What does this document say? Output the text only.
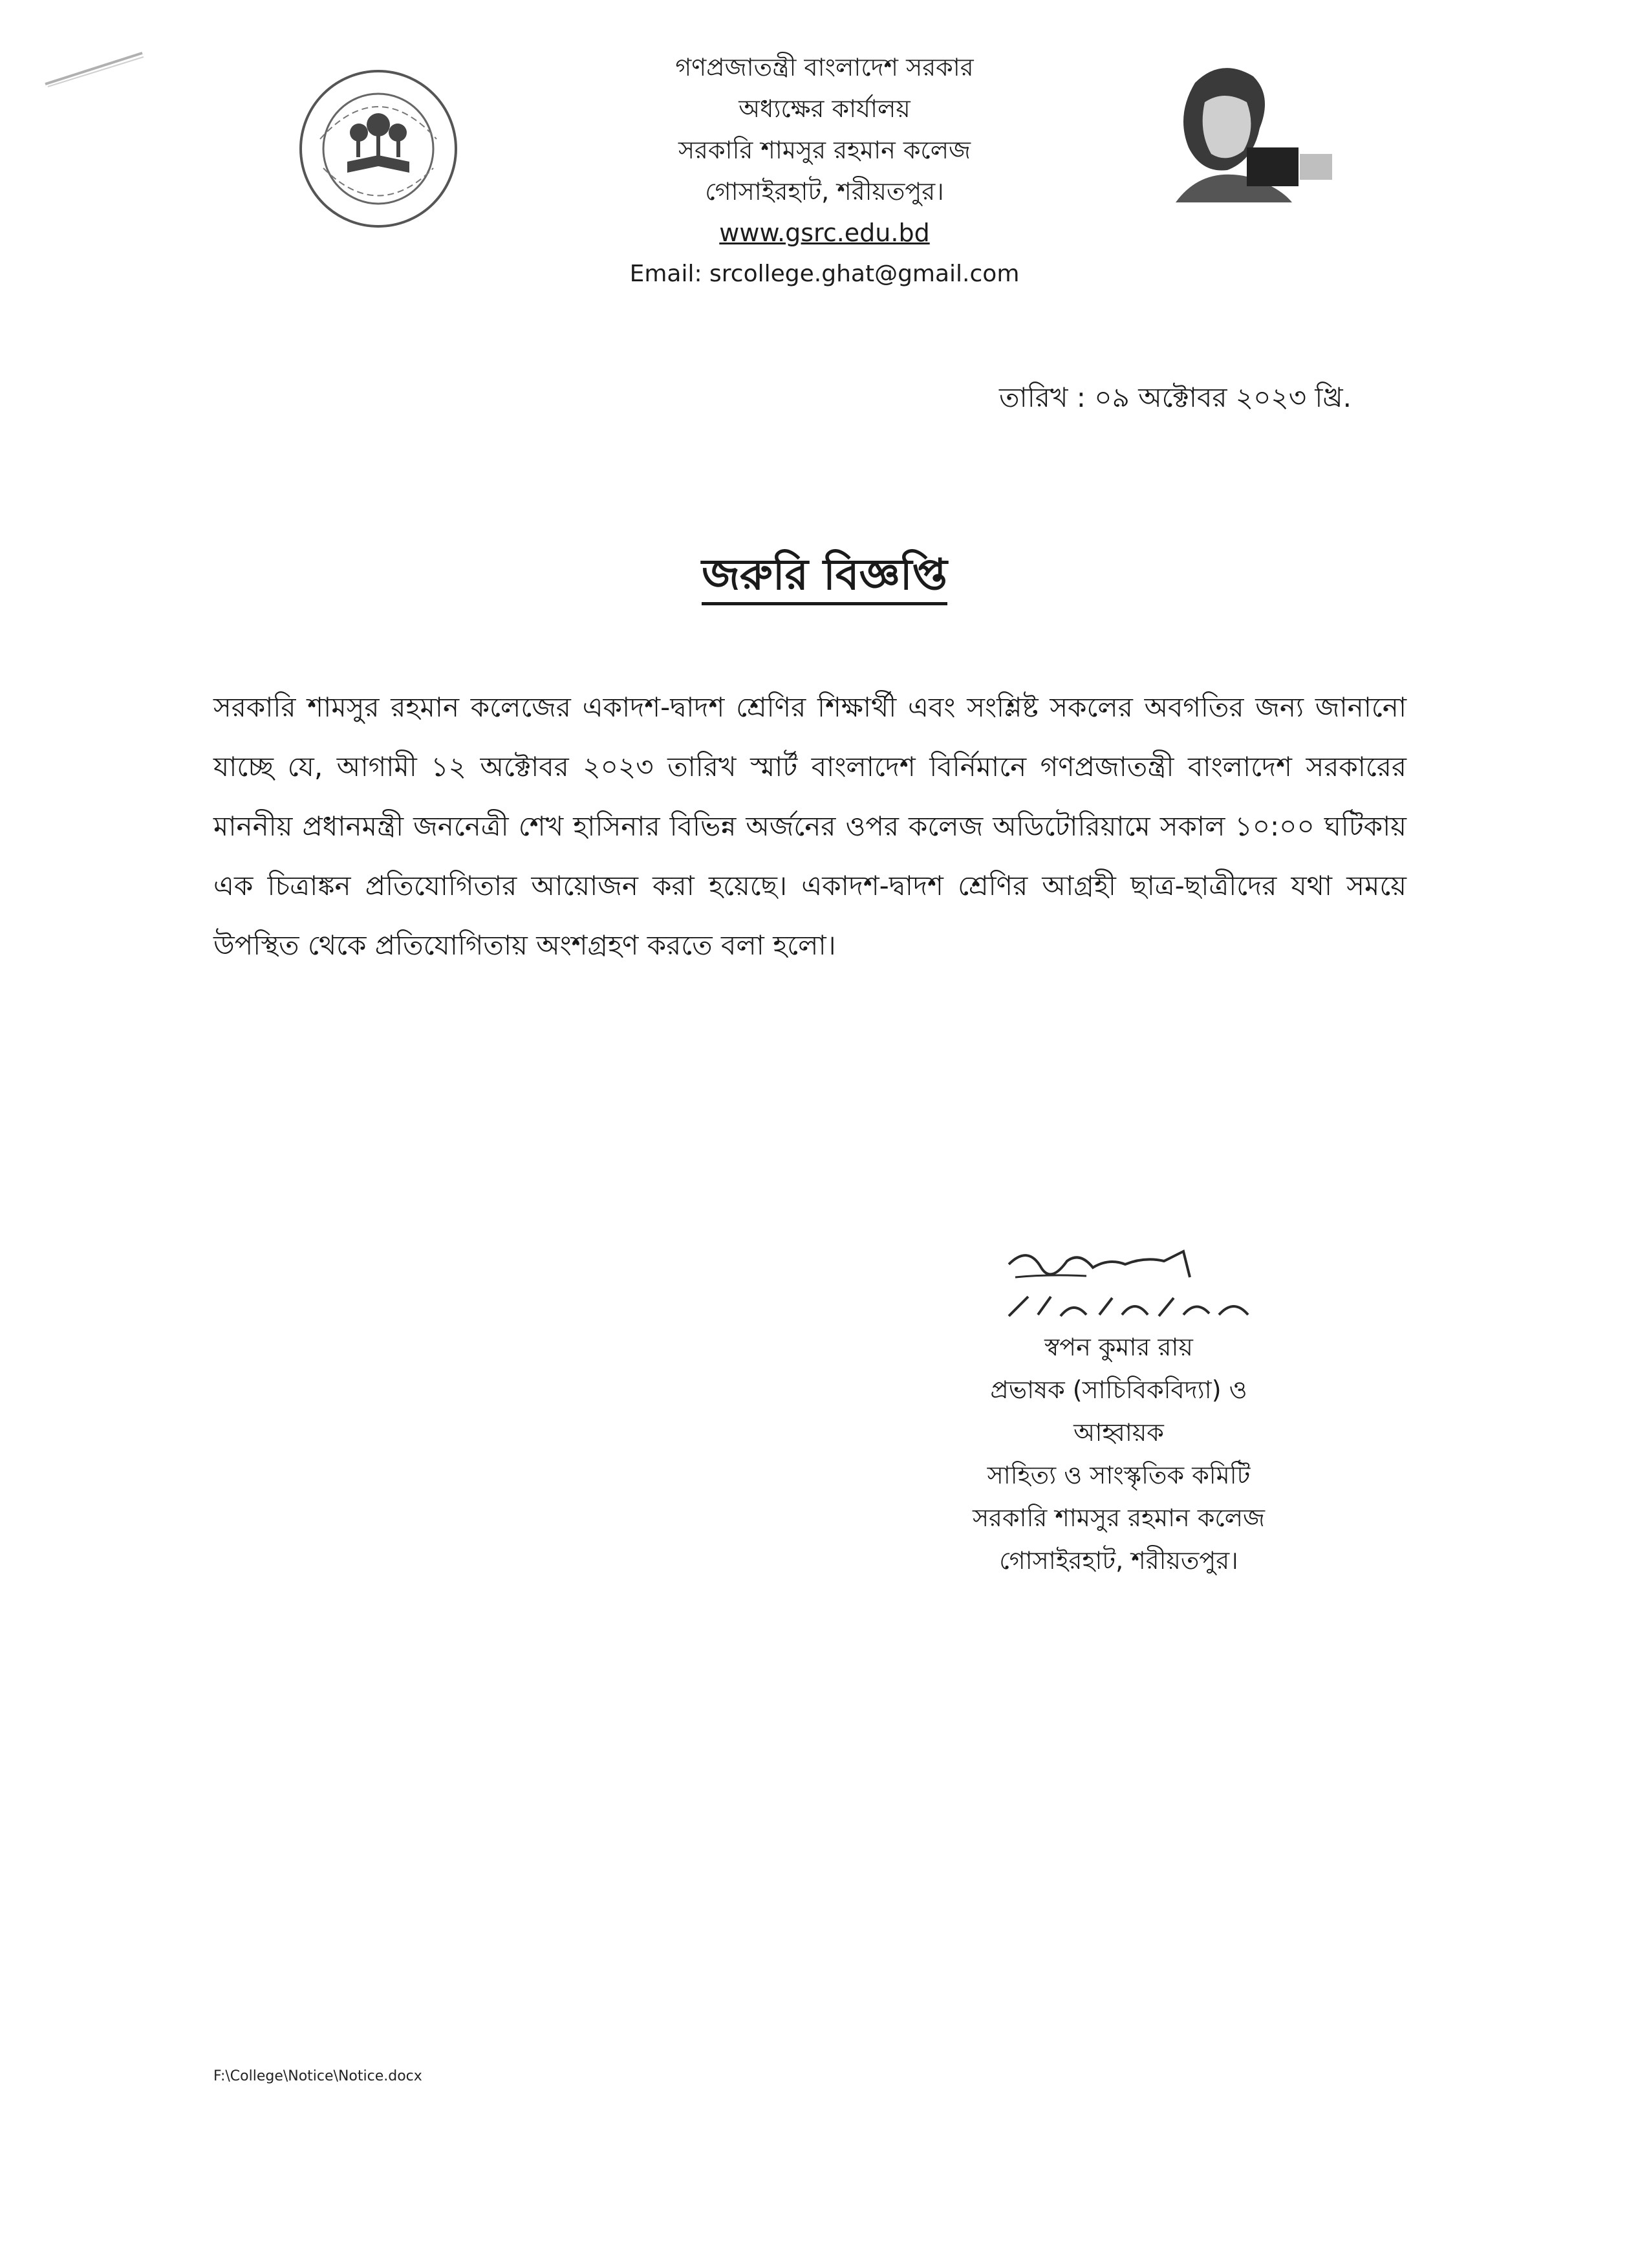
গণপ্রজাতন্ত্রী বাংলাদেশ সরকার
অধ্যক্ষের কার্যালয়
সরকারি শামসুর রহমান কলেজ
গোসাইরহাট, শরীয়তপুর।
www.gsrc.edu.bd
Email: srcollege.ghat@gmail.com
তারিখ : ০৯ অক্টোবর ২০২৩ খ্রি.
জরুরি বিজ্ঞপ্তি
সরকারি শামসুর রহমান কলেজের একাদশ-দ্বাদশ শ্রেণির শিক্ষার্থী এবং সংশ্লিষ্ট সকলের অবগতির জন্য জানানো যাচ্ছে যে, আগামী ১২ অক্টোবর ২০২৩ তারিখ স্মার্ট বাংলাদেশ বির্নিমানে গণপ্রজাতন্ত্রী বাংলাদেশ সরকারের মাননীয় প্রধানমন্ত্রী জননেত্রী শেখ হাসিনার বিভিন্ন অর্জনের ওপর কলেজ অডিটোরিয়ামে সকাল ১০:০০ ঘটিকায় এক চিত্রাঙ্কন প্রতিযোগিতার আয়োজন করা হয়েছে। একাদশ-দ্বাদশ শ্রেণির আগ্রহী ছাত্র-ছাত্রীদের যথা সময়ে উপস্থিত থেকে প্রতিযোগিতায় অংশগ্রহণ করতে বলা হলো।
স্বপন কুমার রায়
প্রভাষক (সাচিবিকবিদ্যা) ও
আহ্বায়ক
সাহিত্য ও সাংস্কৃতিক কমিটি
সরকারি শামসুর রহমান কলেজ
গোসাইরহাট, শরীয়তপুর।
F:\College\Notice\Notice.docx
